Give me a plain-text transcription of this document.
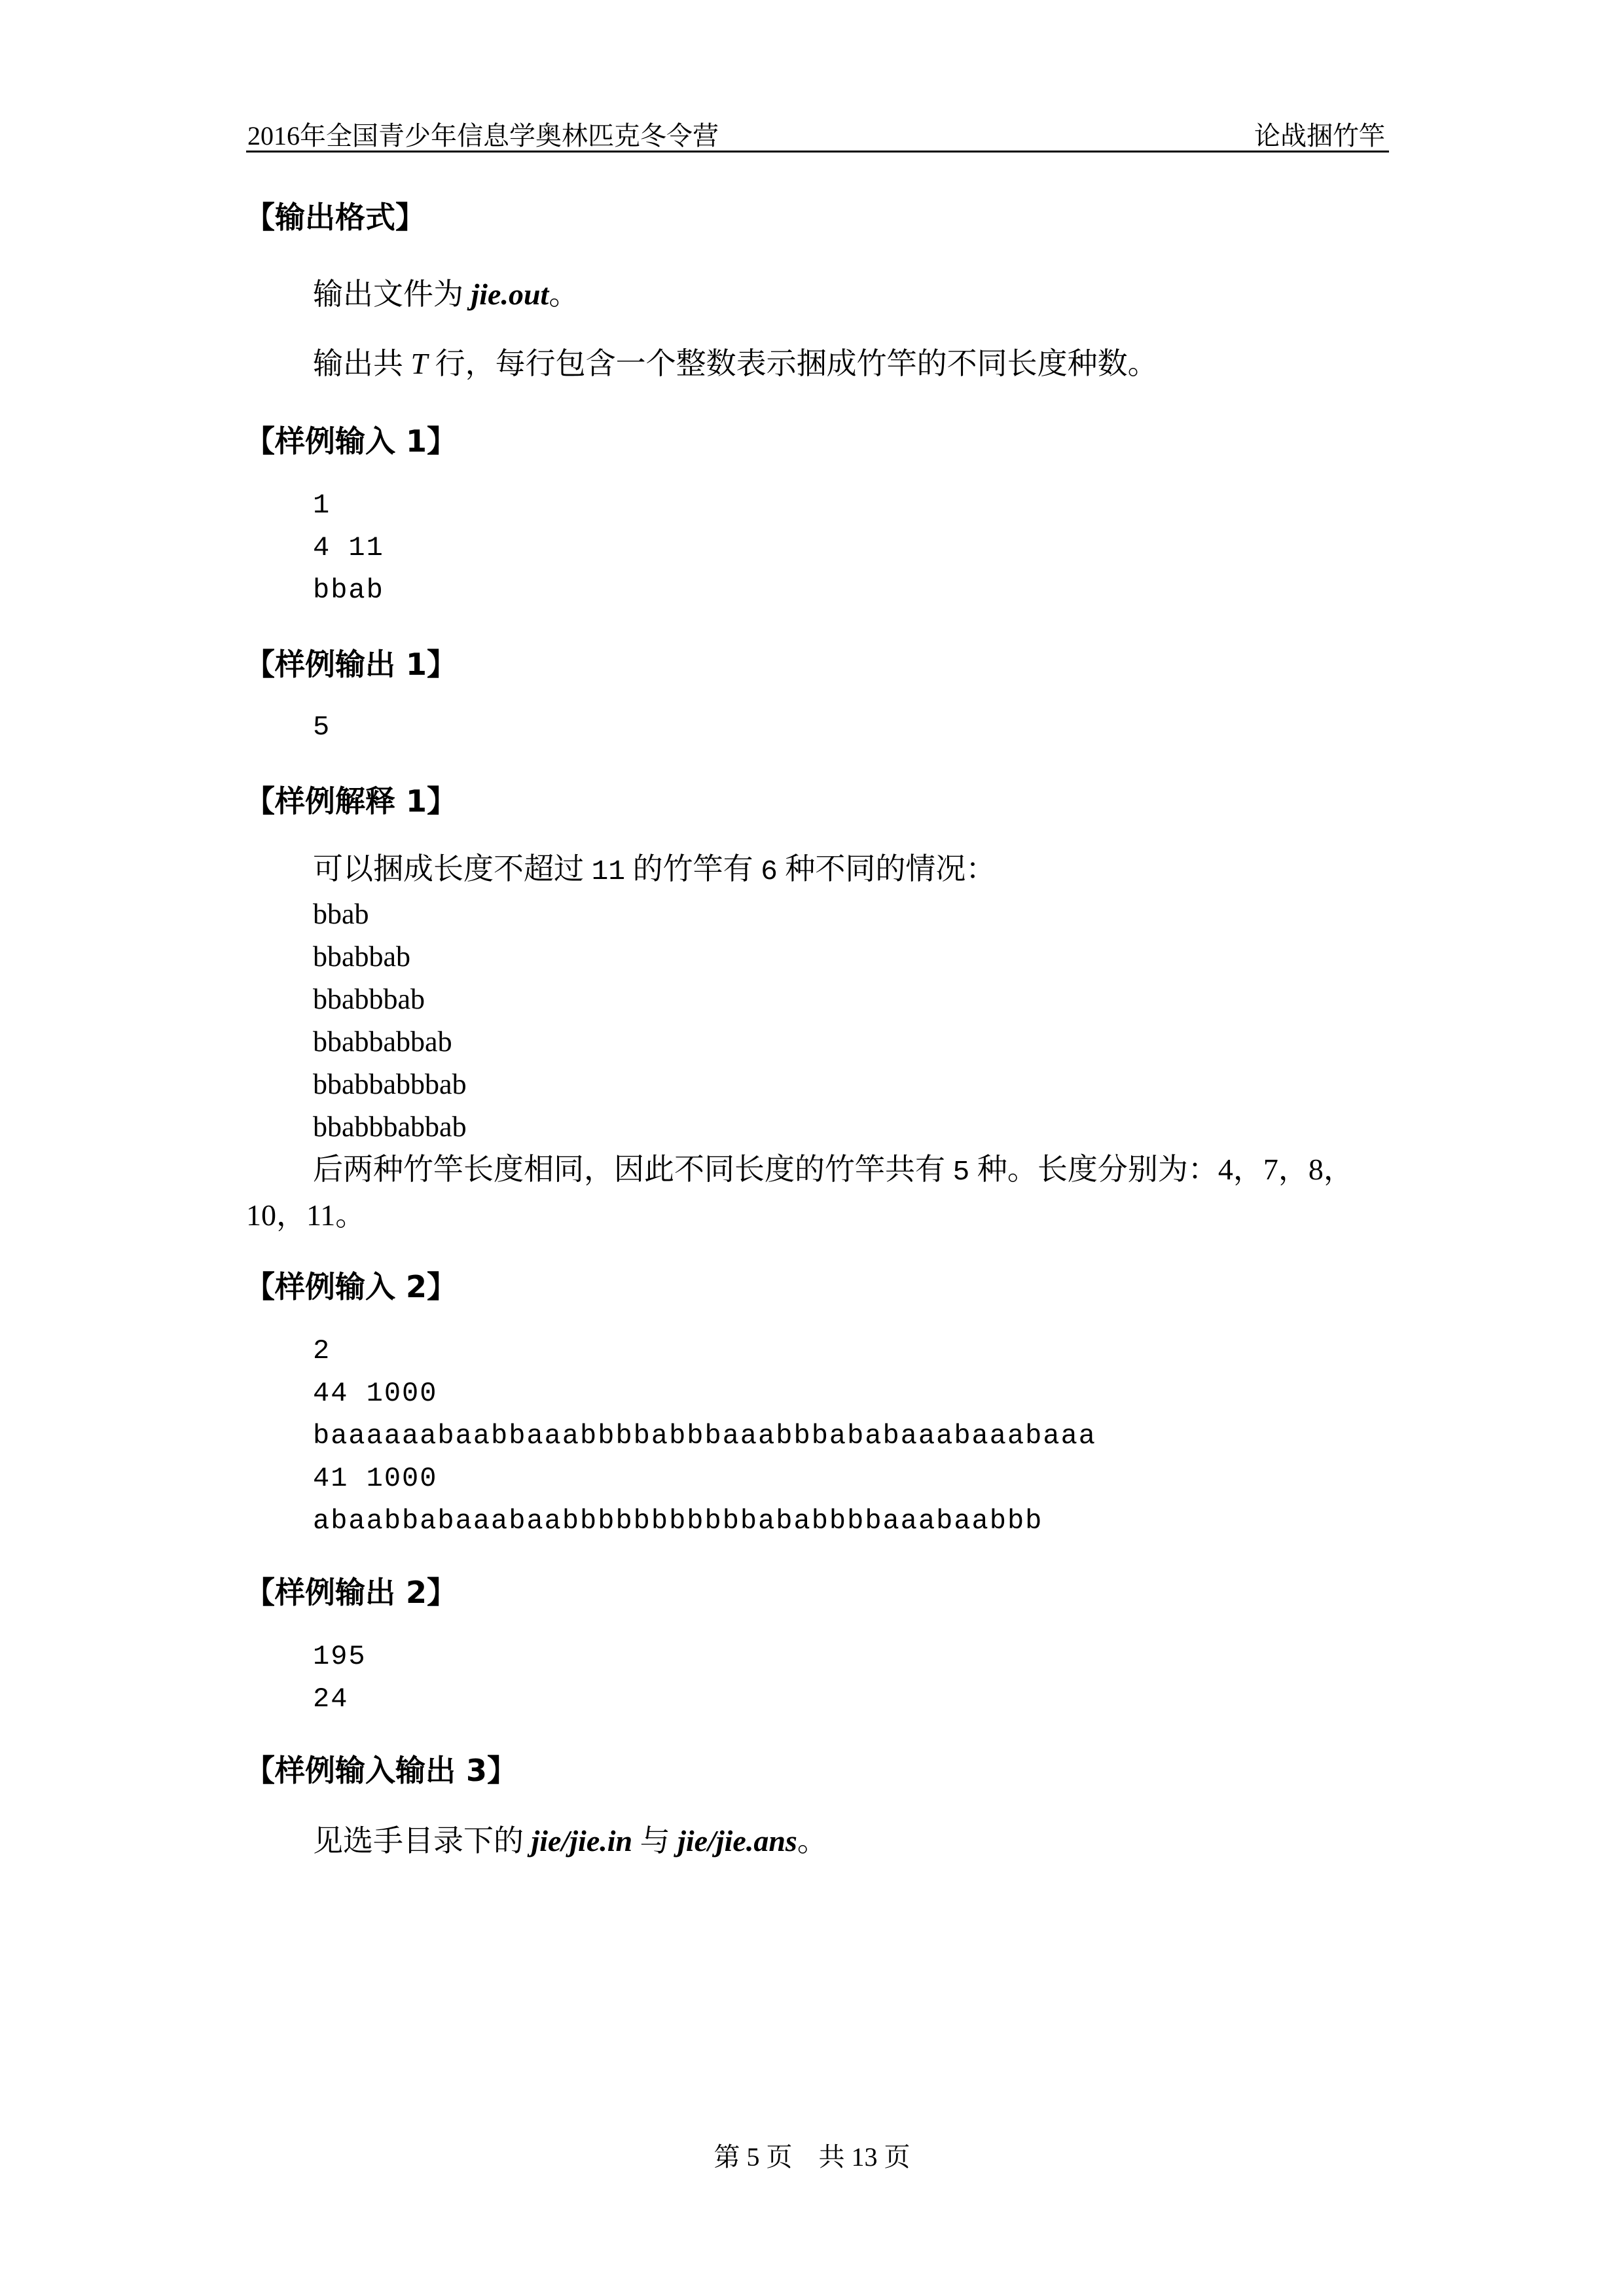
2016年全国青少年信息学奥林匹克冬令营	论战捆竹竿
【输出格式】
输出文件为 jie.out。
输出共 T 行，每行包含一个整数表示捆成竹竿的不同长度种数。
【样例输入 1】
1
4 11
bbab
【样例输出 1】
5
【样例解释 1】
可以捆成长度不超过 11 的竹竿有 6 种不同的情况：
bbab
bbabbab
bbabbbab
bbabbabbab
bbabbabbbab
bbabbbabbab
后两种竹竿长度相同，因此不同长度的竹竿共有 5 种。长度分别为：4，7，8，10，11。
【样例输入 2】
2
44 1000
baaaaaabaabbaaabbbbabbbaaabbbababaaabaaabaaa
41 1000
abaabbabaaabaabbbbbbbbbbbababbbbaaabaabbb
【样例输出 2】
195
24
【样例输入输出 3】
见选手目录下的 jie/jie.in 与 jie/jie.ans。
第 5 页　共 13 页
